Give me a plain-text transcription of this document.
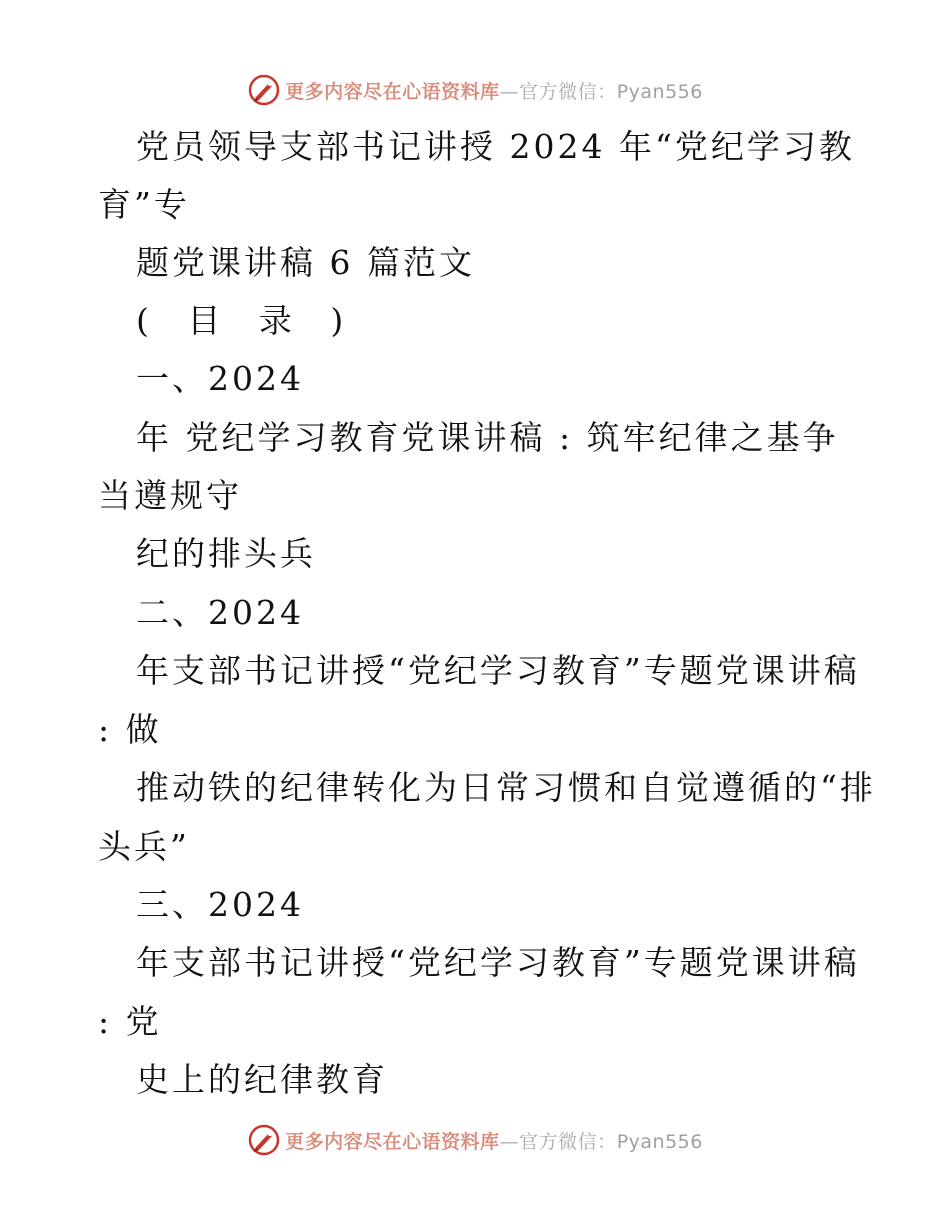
更多内容尽在心语资料库—官方微信：Pyan556
党员领导支部书记讲授 2024 年“党纪学习教
育”专
题党课讲稿 6 篇范文
( 目 录 )
一、2024
年 党纪学习教育党课讲稿 : 筑牢纪律之基争
当遵规守
纪的排头兵
二、2024
年支部书记讲授“党纪学习教育”专题党课讲稿
: 做
推动铁的纪律转化为日常习惯和自觉遵循的“排
头兵”
三、2024
年支部书记讲授“党纪学习教育”专题党课讲稿
: 党
史上的纪律教育
更多内容尽在心语资料库—官方微信：Pyan556
